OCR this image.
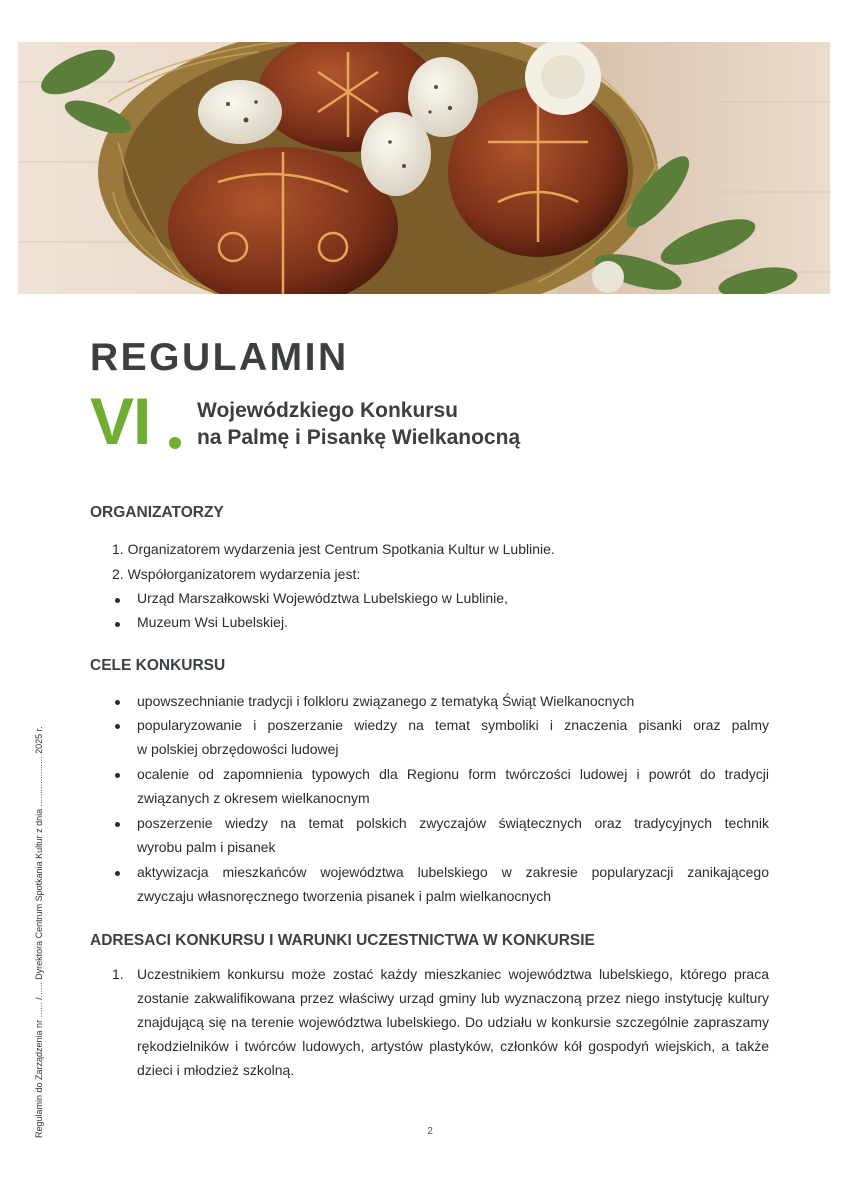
REGULAMIN
VI Wojewódzkiego Konkursu
na Palmę i Pisankę Wielkanocną
ORGANIZATORZY
1. Organizatorem wydarzenia jest Centrum Spotkania Kultur w Lublinie.
2. Współorganizatorem wydarzenia jest:
Urząd Marszałkowski Województwa Lubelskiego w Lublinie,
Muzeum Wsi Lubelskiej.
CELE KONKURSU
upowszechnianie tradycji i folkloru związanego z tematyką Świąt Wielkanocnych
popularyzowanie i poszerzanie wiedzy na temat symboliki i znaczenia pisanki oraz palmy
w polskiej obrzędowości ludowej
ocalenie od zapomnienia typowych dla Regionu form twórczości ludowej i powrót do tradycji
związanych z okresem wielkanocnym
poszerzenie wiedzy na temat polskich zwyczajów świątecznych oraz tradycyjnych technik
wyrobu palm i pisanek
aktywizacja mieszkańców województwa lubelskiego w zakresie popularyzacji zanikającego
zwyczaju własnoręcznego tworzenia pisanek i palm wielkanocnych
ADRESACI KONKURSU I WARUNKI UCZESTNICTWA W KONKURSIE
1. Uczestnikiem konkursu może zostać każdy mieszkaniec województwa lubelskiego, którego praca zostanie zakwalifikowana przez właściwy urząd gminy lub wyznaczoną przez niego instytucję kultury znajdującą się na terenie województwa lubelskiego. Do udziału w konkursie szczególnie zapraszamy rękodzielników i twórców ludowych, artystów plastyków, członków kół gospodyń wiejskich, a także dzieci i młodzież szkolną.
Regulamin do Zarządzenia nr ...... /...... Dyrektora Centrum Spotkania Kultur z dnia .................... 2025 r.	2
